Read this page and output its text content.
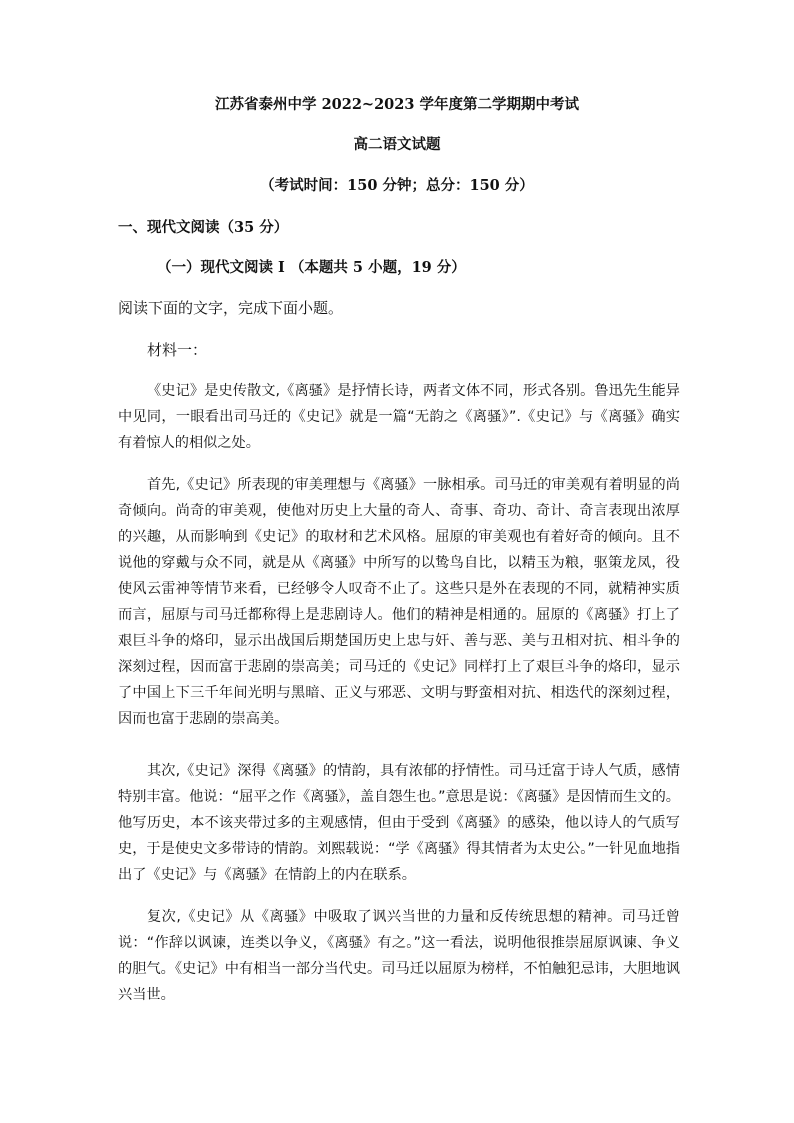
江苏省泰州中学 2022~2023 学年度第二学期期中考试
高二语文试题
（考试时间：150 分钟；总分：150 分）
一、现代文阅读（35 分）
（一）现代文阅读 I （本题共 5 小题，19 分）
阅读下面的文字，完成下面小题。
材料一：

《史记》是史传散文,《离骚》是抒情长诗，两者文体不同，形式各别。鲁迅先生能异中见同，一眼看出司马迁的《史记》就是一篇“无韵之《离骚》”.《史记》与《离骚》确实有着惊人的相似之处。

首先,《史记》所表现的审美理想与《离骚》一脉相承。司马迁的审美观有着明显的尚奇倾向。尚奇的审美观，使他对历史上大量的奇人、奇事、奇功、奇计、奇言表现出浓厚的兴趣，从而影响到《史记》的取材和艺术风格。屈原的审美观也有着好奇的倾向。且不说他的穿戴与众不同，就是从《离骚》中所写的以鸷鸟自比，以精玉为粮，驱策龙凤，役使风云雷神等情节来看，已经够令人叹奇不止了。这些只是外在表现的不同，就精神实质而言，屈原与司马迁都称得上是悲剧诗人。他们的精神是相通的。屈原的《离骚》打上了艰巨斗争的烙印，显示出战国后期楚国历史上忠与奸、善与恶、美与丑相对抗、相斗争的深刻过程，因而富于悲剧的崇高美；司马迁的《史记》同样打上了艰巨斗争的烙印，显示了中国上下三千年间光明与黑暗、正义与邪恶、文明与野蛮相对抗、相迭代的深刻过程，因而也富于悲剧的崇高美。

其次,《史记》深得《离骚》的情韵，具有浓郁的抒情性。司马迁富于诗人气质，感情特别丰富。他说：“屈平之作《离骚》，盖自怨生也。”意思是说：《离骚》是因情而生文的。他写历史，本不该夹带过多的主观感情，但由于受到《离骚》的感染，他以诗人的气质写史，于是使史文多带诗的情韵。刘熙载说：“学《离骚》得其情者为太史公。”一针见血地指出了《史记》与《离骚》在情韵上的内在联系。

复次,《史记》从《离骚》中吸取了讽兴当世的力量和反传统思想的精神。司马迁曾说：“作辞以讽谏，连类以争义，《离骚》有之。”这一看法，说明他很推崇屈原讽谏、争义的胆气。《史记》中有相当一部分当代史。司马迁以屈原为榜样，不怕触犯忌讳，大胆地讽兴当世。
